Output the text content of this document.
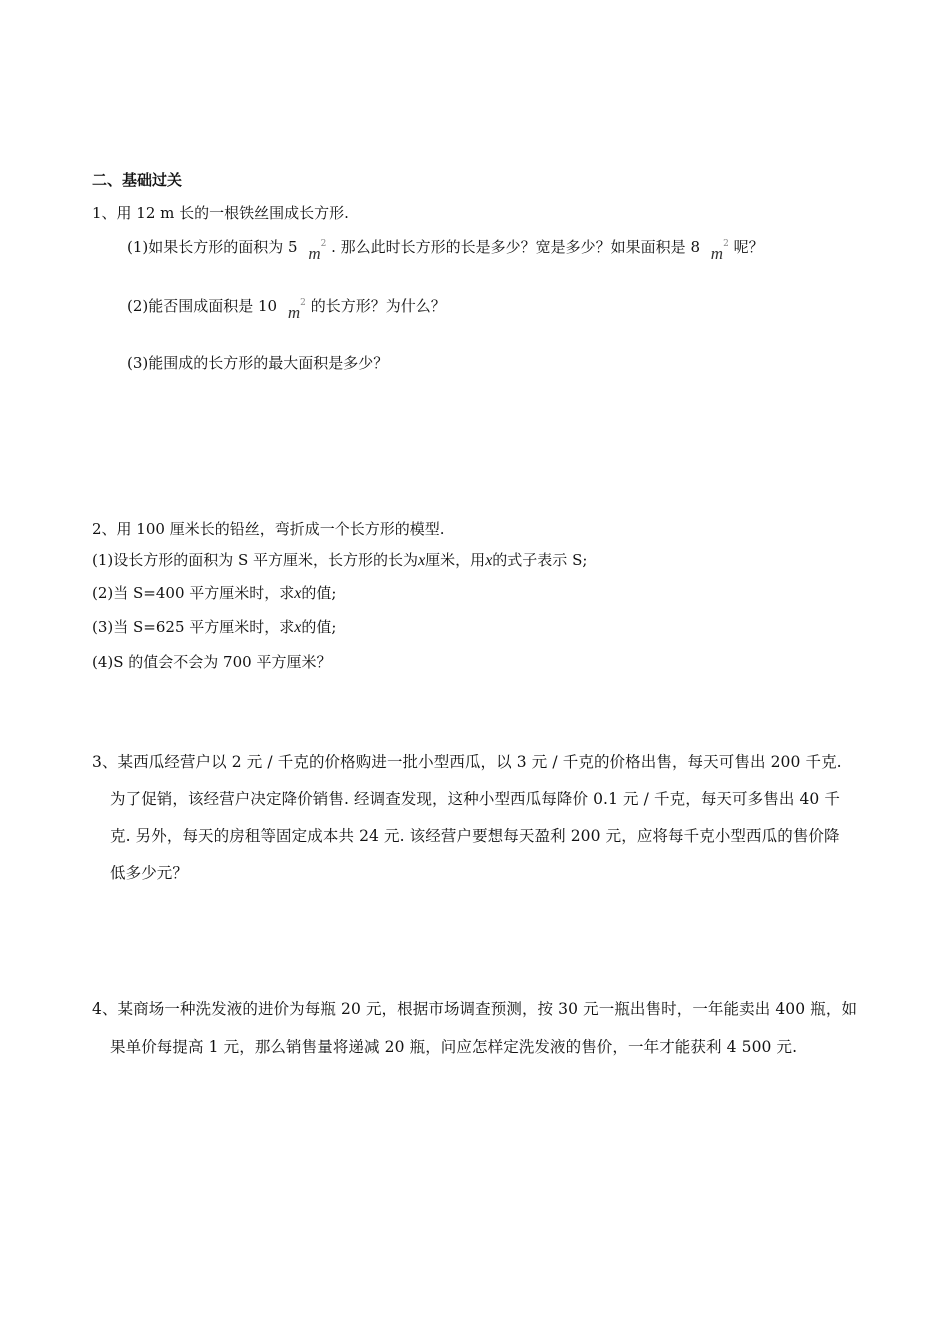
二、基础过关
1、用 12 m 长的一根铁丝围成长方形.
(1)如果长方形的面积为 5 $m^2$ . 那么此时长方形的长是多少？宽是多少？如果面积是 8 $m^2$ 呢？
(2)能否围成面积是 10 $m^2$ 的长方形？为什么？
(3)能围成的长方形的最大面积是多少？
2、用 100 厘米长的铅丝，弯折成一个长方形的模型.
(1)设长方形的面积为 S 平方厘米，长方形的长为x厘米，用x的式子表示 S;
(2)当 S=400 平方厘米时，求x的值;
(3)当 S=625 平方厘米时，求x的值;
(4)S 的值会不会为 700 平方厘米？
3、某西瓜经营户以 2 元 / 千克的价格购进一批小型西瓜，以 3 元 / 千克的价格出售，每天可售出 200 千克.
为了促销，该经营户决定降价销售. 经调查发现，这种小型西瓜每降价 0.1 元 / 千克，每天可多售出 40 千
克. 另外，每天的房租等固定成本共 24 元. 该经营户要想每天盈利 200 元，应将每千克小型西瓜的售价降
低多少元？
4、某商场一种洗发液的进价为每瓶 20 元，根据市场调查预测，按 30 元一瓶出售时，一年能卖出 400 瓶，如
果单价每提高 1 元，那么销售量将递减 20 瓶，问应怎样定洗发液的售价，一年才能获利 4 500 元.
